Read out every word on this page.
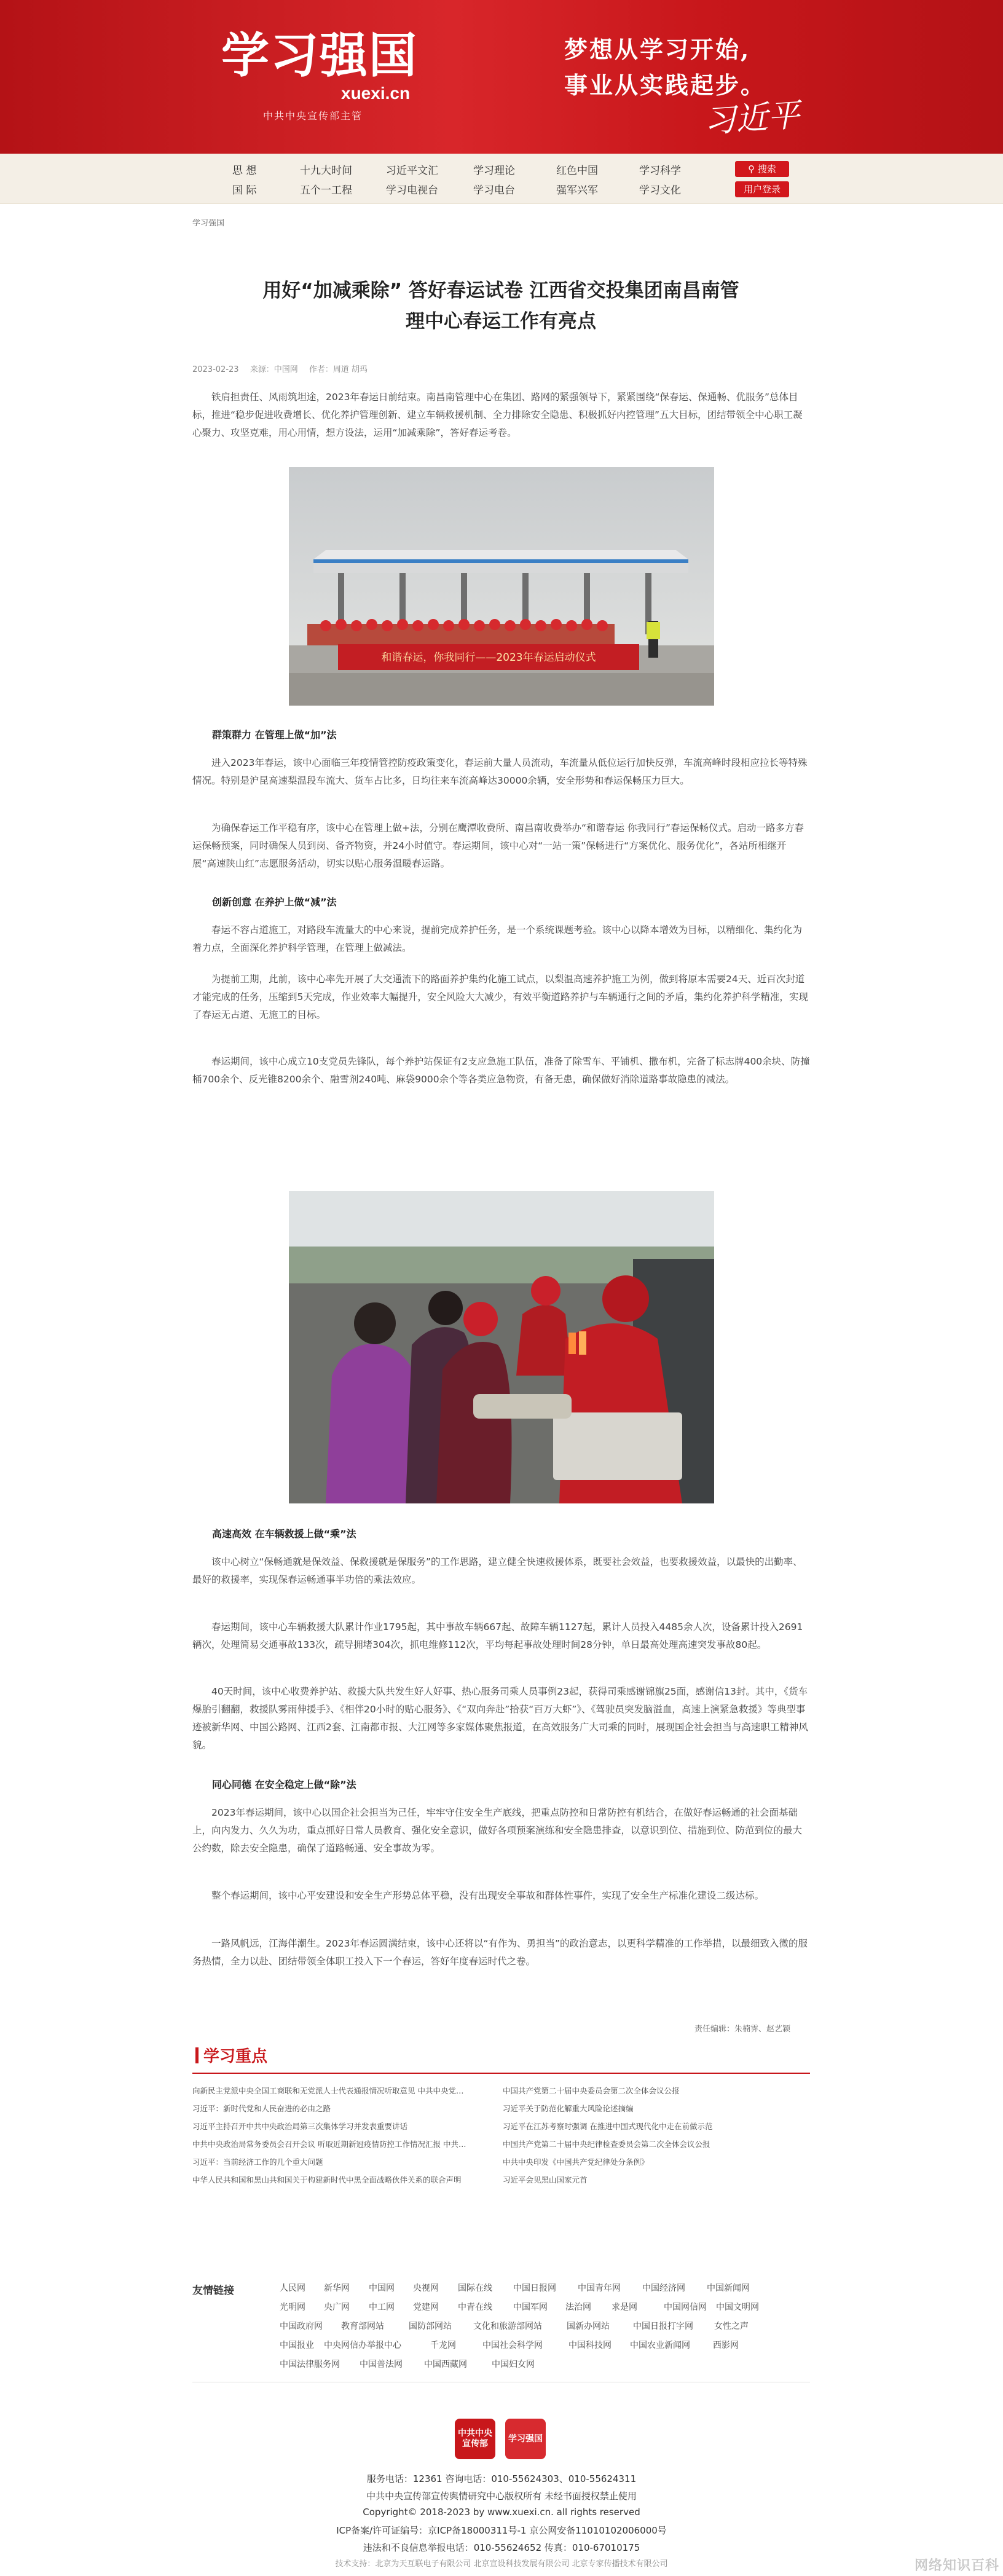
学习强国
xuexi.cn
中共中央宣传部主管
梦想从学习开始,
事业从实践起步。
习近平
思 想	十九大时间	习近平文汇	学习理论	红色中国	学习科学
国 际	五个一工程	学习电视台	学习电台	强军兴军	学习文化
⚲ 搜索
用户登录
学习强国
用好“加减乘除” 答好春运试卷 江西省交投集团南昌南管
理中心春运工作有亮点
2023-02-23 来源：中国网 作者：周道 胡玛

铁肩担责任、风雨筑坦途，2023年春运日前结束。南昌南管理中心在集团、路网的紧强领导下，紧紧围绕“保春运、保通畅、优服务”总体目标，推进“稳步促进收费增长、优化养护管理创新、建立车辆救援机制、全力排除安全隐患、积极抓好内控管理”五大目标，团结带领全中心职工凝心聚力、攻坚克难，用心用情，想方设法，运用“加减乘除”，答好春运考卷。

和谐春运，你我同行——2023年春运启动仪式
群策群力 在管理上做“加”法

进入2023年春运，该中心面临三年疫情管控防疫政策变化，春运前大量人员流动，车流量从低位运行加快反弹，车流高峰时段相应拉长等特殊情况。特别是沪昆高速梨温段车流大、货车占比多，日均往来车流高峰达30000余辆，安全形势和春运保畅压力巨大。

为确保春运工作平稳有序，该中心在管理上做+法，分别在鹰潭收费所、南昌南收费举办“和谐春运 你我同行”春运保畅仪式。启动一路多方春运保畅预案，同时确保人员到岗、备齐物资，并24小时值守。春运期间，该中心对“一站一策”保畅进行“方案优化、服务优化”，各站所相继开展“高速陕山红”志愿服务活动，切实以贴心服务温暖春运路。

创新创意 在养护上做“减”法

春运不容占道施工，对路段车流量大的中心来说，提前完成养护任务，是一个系统课题考验。该中心以降本增效为目标，以精细化、集约化为着力点，全面深化养护科学管理，在管理上做减法。

为提前工期，此前，该中心率先开展了大交通流下的路面养护集约化施工试点，以梨温高速养护施工为例，做到将原本需要24天、近百次封道才能完成的任务，压缩到5天完成，作业效率大幅提升，安全风险大大减少，有效平衡道路养护与车辆通行之间的矛盾，集约化养护科学精准，实现了春运无占道、无施工的目标。

春运期间，该中心成立10支党员先锋队，每个养护站保证有2支应急施工队伍，准备了除雪车、平铺机、撒布机，完备了标志牌400余块、防撞桶700余个、反光锥8200余个、融雪剂240吨、麻袋9000余个等各类应急物资，有备无患，确保做好消除道路事故隐患的减法。

高速高效 在车辆救援上做“乘”法

该中心树立“保畅通就是保效益、保救援就是保服务”的工作思路，建立健全快速救援体系，既要社会效益，也要救援效益，以最快的出勤率、最好的救援率，实现保春运畅通事半功倍的乘法效应。

春运期间，该中心车辆救援大队累计作业1795起，其中事故车辆667起、故障车辆1127起，累计人员投入4485余人次，设备累计投入2691辆次，处理简易交通事故133次，疏导拥堵304次，抓电维修112次，平均每起事故处理时间28分钟，单日最高处理高速突发事故80起。

40天时间，该中心收费养护站、救援大队共发生好人好事、热心服务司乘人员事例23起，获得司乘感谢锦旗25面，感谢信13封。其中，《货车爆胎引翻翻，救援队雾雨伸援手》、《相伴20小时的贴心服务》、《“双向奔赴”拾获“百万大虾”》、《驾驶员突发脑溢血，高速上演紧急救援》等典型事迹被新华网、中国公路网、江西2套、江南都市报、大江网等多家媒体聚焦报道，在高效服务广大司乘的同时，展现国企社会担当与高速职工精神风貌。

同心同德 在安全稳定上做“除”法

2023年春运期间，该中心以国企社会担当为己任，牢牢守住安全生产底线，把重点防控和日常防控有机结合，在做好春运畅通的社会面基础上，向内发力、久久为功，重点抓好日常人员教育、强化安全意识，做好各项预案演练和安全隐患排查，以意识到位、措施到位、防范到位的最大公约数，除去安全隐患，确保了道路畅通、安全事故为零。

整个春运期间，该中心平安建设和安全生产形势总体平稳，没有出现安全事故和群体性事件，实现了安全生产标准化建设二级达标。

一路风帆远，江海伴潮生。2023年春运圆满结束，该中心还将以“有作为、勇担当”的政治意志，以更科学精准的工作举措，以最细致入微的服务热情，全力以赴、团结带领全体职工投入下一个春运，答好年度春运时代之卷。

责任编辑：朱楠霁、赵艺颖
学习重点
向新民主党派中央全国工商联和无党派人士代表通报情况听取意见 中共中央党…	中国共产党第二十届中央委员会第二次全体会议公报
习近平：新时代党和人民奋进的必由之路	习近平关于防范化解重大风险论述摘编
习近平主持召开中共中央政治局第三次集体学习并发表重要讲话	习近平在江苏考察时强调 在推进中国式现代化中走在前做示范
中共中央政治局常务委员会召开会议 听取近期新冠疫情防控工作情况汇报 中共…	中国共产党第二十届中央纪律检查委员会第二次全体会议公报
习近平：当前经济工作的几个重大问题	中共中央印发《中国共产党纪律处分条例》
中华人民共和国和黑山共和国关于构建新时代中黑全面战略伙伴关系的联合声明	习近平会见黑山国家元首
友情链接	人民网 新华网 中国网 央视网 国际在线 中国日报网	中国青年网	中国经济网	中国新闻网
光明网 央广网 中工网 党建网 中青在线 中国军网 法治网 求是网	中国网信网 中国文明网
中国政府网 教育部网站	国防部网站	文化和旅游部网站	国新办网站	中国日报打字网 女性之声
中国报业 中央网信办举报中心	千龙网	中国社会科学网	中国科技网 中国农业新闻网	西影网
中国法律服务网 中国普法网	中国西藏网	中国妇女网
中共中央宣传部
学习强国
服务电话：12361 咨询电话：010-55624303、010-55624311
中共中央宣传部宣传舆情研究中心版权所有 未经书面授权禁止使用
Copyright© 2018-2023 by www.xuexi.cn. all rights reserved
ICP备案/许可证编号：京ICP备18000311号-1 京公网安备11010102006000号
违法和不良信息举报电话：010-55624652 传真：010-67010175
技术支持：北京为天互联电子有限公司 北京宣设科技发展有限公司 北京专家传播技术有限公司	网络知识百科
